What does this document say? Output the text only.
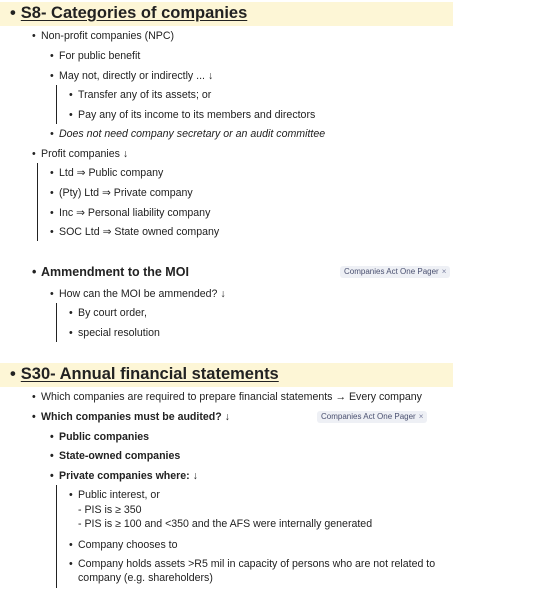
• S8- Categories of companies
• Non-profit companies (NPC)
• For public benefit
• May not, directly or indirectly ... ↓
• Transfer any of its assets; or
• Pay any of its income to its members and directors
• Does not need company secretary or an audit committee
• Profit companies ↓
• Ltd ⇒ Public company
• (Pty) Ltd ⇒ Private company
• Inc ⇒ Personal liability company
• SOC Ltd ⇒ State owned company
• Ammendment to the MOI	Companies Act One Pager ×
• How can the MOI be ammended? ↓
• By court order,
• special resolution
• S30- Annual financial statements
• Which companies are required to prepare financial statements → Every company
• Which companies must be audited? ↓	Companies Act One Pager ×
• Public companies
• State-owned companies
• Private companies where: ↓
• Public interest, or
- PIS is ≥ 350
- PIS is ≥ 100 and <350 and the AFS were internally generated
• Company chooses to
• Company holds assets >R5 mil in capacity of persons who are not related to
company (e.g. shareholders)
